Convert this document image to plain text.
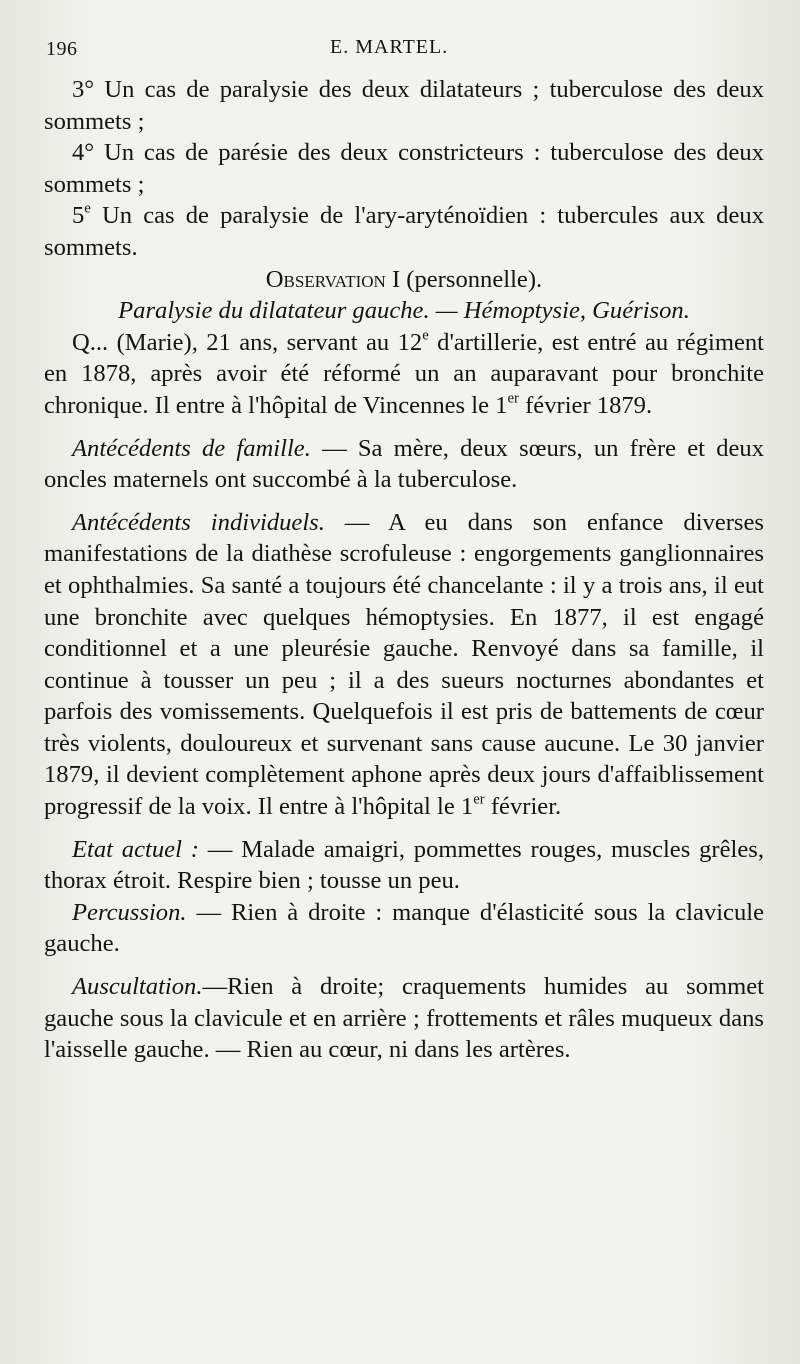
196	E. MARTEL.

3° Un cas de paralysie des deux dilatateurs ; tuberculose des deux sommets ;

4° Un cas de parésie des deux constricteurs : tuberculose des deux sommets ;

5e Un cas de paralysie de l'ary-aryténoïdien : tubercules aux deux sommets.

Observation I (personnelle).

Paralysie du dilatateur gauche. — Hémoptysie, Guérison.

Q... (Marie), 21 ans, servant au 12e d'artillerie, est entré au régiment en 1878, après avoir été réformé un an auparavant pour bronchite chronique. Il entre à l'hôpital de Vincennes le 1er février 1879.

Antécédents de famille. — Sa mère, deux sœurs, un frère et deux oncles maternels ont succombé à la tuberculose.

Antécédents individuels. — A eu dans son enfance diverses manifestations de la diathèse scrofuleuse : engorgements ganglionnaires et ophthalmies. Sa santé a toujours été chancelante : il y a trois ans, il eut une bronchite avec quelques hémoptysies. En 1877, il est engagé conditionnel et a une pleurésie gauche. Renvoyé dans sa famille, il continue à tousser un peu ; il a des sueurs nocturnes abondantes et parfois des vomissements. Quelquefois il est pris de battements de cœur très violents, douloureux et survenant sans cause aucune. Le 30 janvier 1879, il devient complètement aphone après deux jours d'affaiblissement progressif de la voix. Il entre à l'hôpital le 1er février.

Etat actuel : — Malade amaigri, pommettes rouges, muscles grêles, thorax étroit. Respire bien ; tousse un peu.

Percussion. — Rien à droite : manque d'élasticité sous la clavicule gauche.

Auscultation.—Rien à droite; craquements humides au sommet gauche sous la clavicule et en arrière ; frottements et râles muqueux dans l'aisselle gauche. — Rien au cœur, ni dans les artères.
